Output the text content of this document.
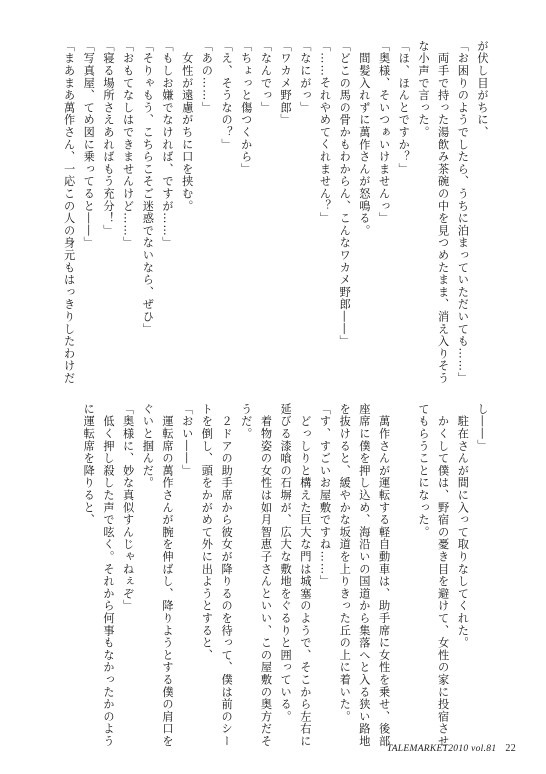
が伏し目がちに、
「お困りのようでしたら、うちに泊まっていただいても……」
　両手で持った湯飲み茶碗の中を見つめたまま、消え入りそう
な小声で言った。
「ほ、ほんとですか？」
「奥様、そいつぁいけませんっ」
　間髪入れずに萬作さんが怒鳴る。
「どこの馬の骨かもわからん、こんなワカメ野郎――」
「……それやめてくれません？」
「なにがっ」
「ワカメ野郎」
「なんでっ」
「ちょっと傷つくから」
「え、そうなの？」
「あの……」
　女性が遠慮がちに口を挟む。
「もしお嫌でなければ、ですが……」
「そりゃもう、こちらこそご迷惑でないなら、ぜひ」
「おもてなしはできませんけど……」
「寝る場所さえあればもう充分！」
「写真屋、てめ図に乗ってると――」
「まあまあ萬作さん、一応この人の身元もはっきりしたわけだ
し――」
　駐在さんが間に入って取りなしてくれた。
　かくして僕は、野宿の憂き目を避けて、女性の家に投宿させ
てもらうことになった。
　萬作さんが運転する軽自動車は、助手席に女性を乗せ、後部
座席に僕を押し込め、海沿いの国道から集落へと入る狭い路地
を抜けると、緩やかな坂道を上りきった丘の上に着いた。
「す、すごいお屋敷ですね……」
　どっしりと構えた巨大な門は城塞のようで、そこから左右に
延びる漆喰の石塀が、広大な敷地をぐるりと囲っている。
　着物姿の女性は如月智恵子さんといい、この屋敷の奥方だそ
うだ。
　２ドアの助手席から彼女が降りるのを待って、僕は前のシー
トを倒し、頭をかがめて外に出ようとすると、
「おい――」
　運転席の萬作さんが腕を伸ばし、降りようとする僕の肩口を
ぐいと掴んだ。
「奥様に、妙な真似すんじゃねぇぞ」
　低く押し殺した声で呟く。それから何事もなかったかのよう
に運転席を降りると、
TALEMARKET2010 vol.81 22
